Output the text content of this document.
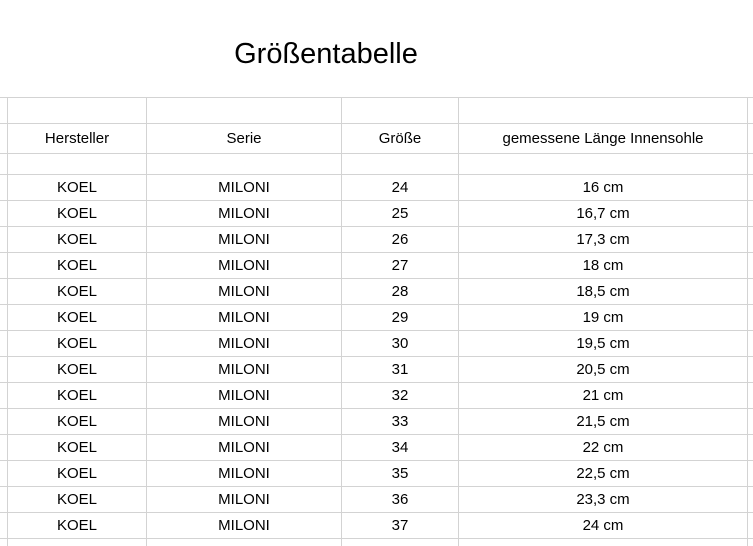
Größentabelle
Hersteller	Serie	Größe	gemessene Länge Innensohle
KOEL	MILONI	24	16 cm
KOEL	MILONI	25	16,7 cm
KOEL	MILONI	26	17,3 cm
KOEL	MILONI	27	18 cm
KOEL	MILONI	28	18,5 cm
KOEL	MILONI	29	19 cm
KOEL	MILONI	30	19,5 cm
KOEL	MILONI	31	20,5 cm
KOEL	MILONI	32	21 cm
KOEL	MILONI	33	21,5 cm
KOEL	MILONI	34	22 cm
KOEL	MILONI	35	22,5 cm
KOEL	MILONI	36	23,3 cm
KOEL	MILONI	37	24 cm
